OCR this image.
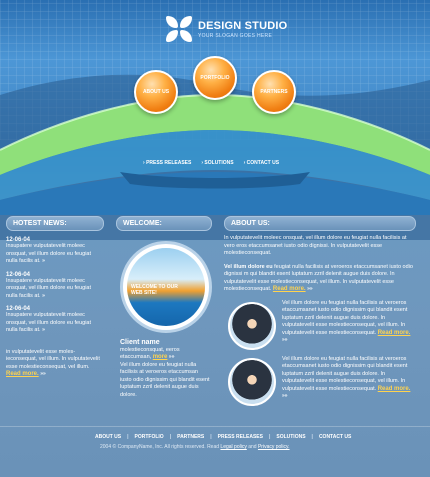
DESIGN STUDIO
YOUR SLOGAN GOES HERE
ABOUT US
PORTFOLIO
PARTNERS
› PRESS RELEASES › SOLUTIONS › CONTACT US
HOTEST NEWS:
12-06-04
Insupatere vulputatevelit moleec onsquat, vel illum dolore eu feugiat nulla facilis at. »
12-06-04
Insupatere vulputatevelit moleec onsquat, vel illum dolore eu feugiat nulla facilis at. »
12-06-04
Insupatere vulputatevelit moleec onsquat, vel illum dolore eu feugiat nulla facilis at. »
in vulputatevelit esse moles-ieconsequat, vel illum. In vulputatevelit esse molestieconsequat, vel illum. Read more. »»
WELCOME:
WELCOME TO OUR WEB SITE!
Client name
molestieconsquat, eeros etaccumsan, more »»
Vel illum dolore eu feugiat nulla facilisis at veroeros etaccumsan iusto odio dignissim qui blandit esent luptatum zzril delenit augue duis dolore.
ABOUT US:
In vulputatevelit moleec onsquat, vel illum dolore eu feugiat nulla facilisis at vero eros etaccumsanet iusto odio dignissi. In vulputatevelit esse molestieconsequat.
Vel illum dolore eu feugiat nulla facilisis at veroeros etaccumsanet iusto odio dignissi m qui blandit esent luptatum zzril delenit augue duis dolore. In vulputatevelit esse molestieconsequat, vel illum. In vulputatevelit esse molestieconsequat. Read more. »»
Vel illum dolore eu feugiat nulla facilisis at veroeros etaccumsanet iusto odio dignissim qui blandit esent luptatum zzril delenit augue duis dolore. In vulputatevelit esse molestieconsequat, vel illum. In vulputatevelit esse molestieconsequat. Read more. »»
Vel illum dolore eu feugiat nulla facilisis at veroeros etaccumsanet iusto odio dignissim qui blandit esent luptatum zzril delenit augue duis dolore. In vulputatevelit esse molestieconsequat, vel illum. In vulputatevelit esse molestieconsequat. Read more. »»
ABOUT US | PORTFOLIO | PARTNERS | PRESS RELEASES | SOLUTIONS | CONTACT US
2004 © CompanyName, Inc. All rights reserved. Read Legal policy and Privacy policy.
